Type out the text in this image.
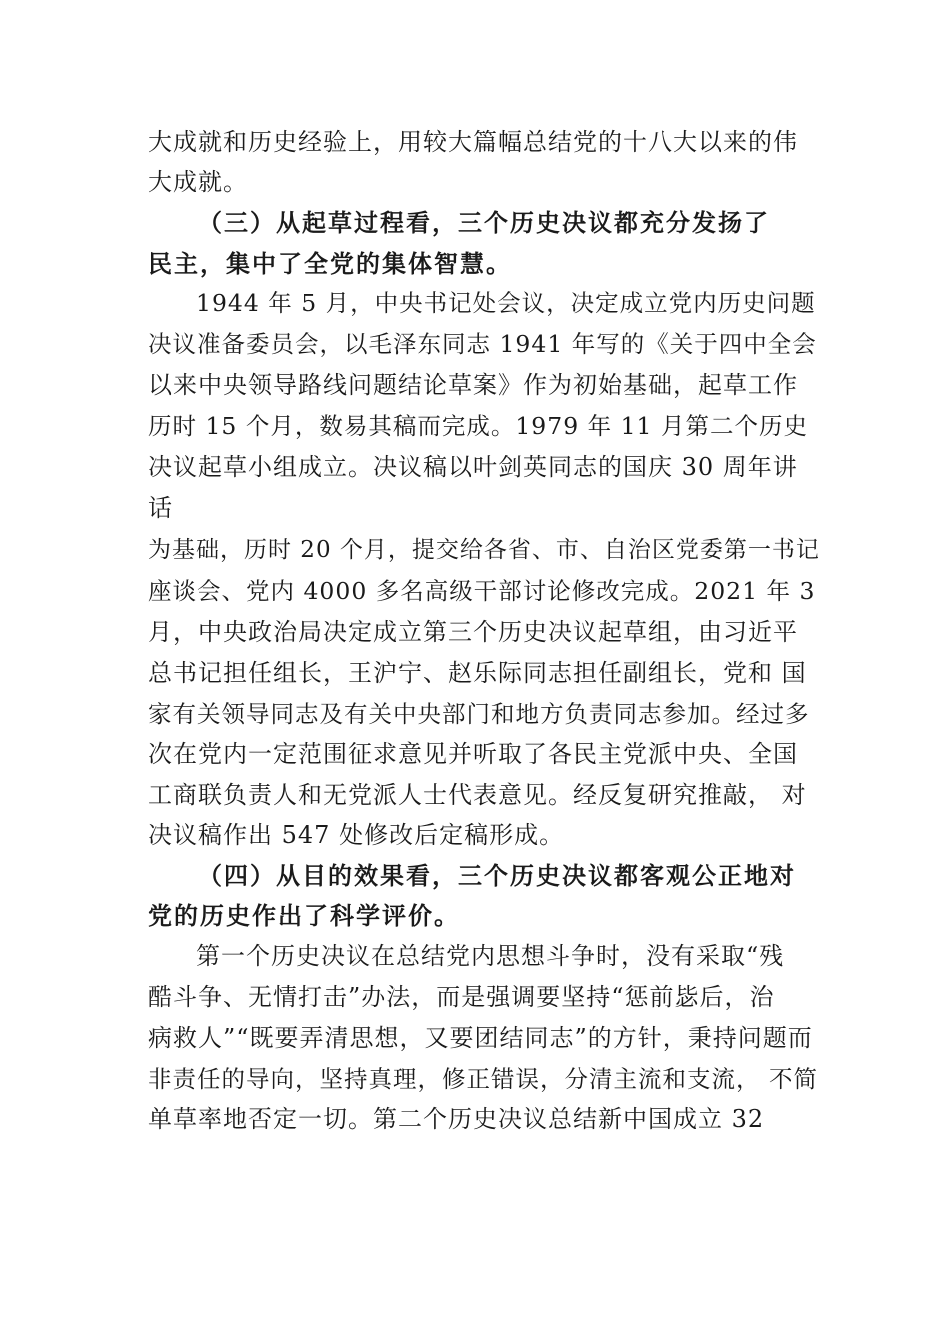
大成就和历史经验上，用较大篇幅总结党的十八大以来的伟
大成就。
（三）从起草过程看，三个历史决议都充分发扬了
民主，集中了全党的集体智慧。
1944 年 5 月，中央书记处会议，决定成立党内历史问题
决议准备委员会，以毛泽东同志 1941 年写的《关于四中全会
以来中央领导路线问题结论草案》作为初始基础，起草工作
历时 15 个月，数易其稿而完成。1979 年 11 月第二个历史
决议起草小组成立。决议稿以叶剑英同志的国庆 30 周年讲
话
为基础，历时 20 个月，提交给各省、市、自治区党委第一书记
座谈会、党内 4000 多名高级干部讨论修改完成。2021 年 3
月，中央政治局决定成立第三个历史决议起草组，由习近平
总书记担任组长，王沪宁、赵乐际同志担任副组长，党和 国
家有关领导同志及有关中央部门和地方负责同志参加。经过多
次在党内一定范围征求意见并听取了各民主党派中央、全国
工商联负责人和无党派人士代表意见。经反复研究推敲， 对
决议稿作出 547 处修改后定稿形成。
（四）从目的效果看，三个历史决议都客观公正地对
党的历史作出了科学评价。
第一个历史决议在总结党内思想斗争时，没有采取“残
酷斗争、无情打击”办法，而是强调要坚持“惩前毖后，治
病救人”“既要弄清思想，又要团结同志”的方针，秉持问题而
非责任的导向，坚持真理，修正错误，分清主流和支流， 不简
单草率地否定一切。第二个历史决议总结新中国成立 32
